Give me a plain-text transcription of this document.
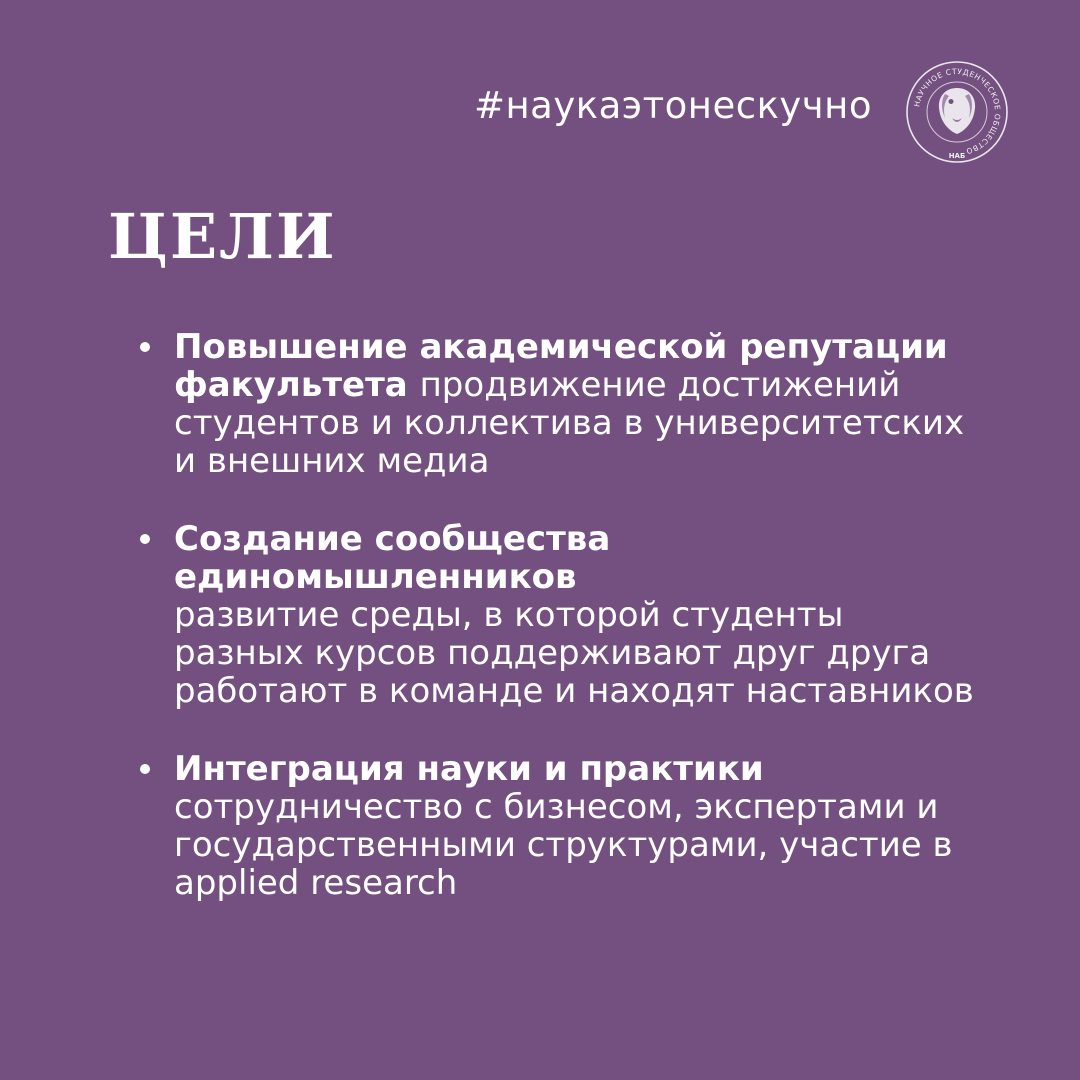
#наукаэтонескучно	НАУЧНОЕ СТУДЕНЧЕСКОЕ ОБЩЕСТВО
НАБ
ЦЕЛИ
Повышение академической репутации факультета продвижение достижений студентов и коллектива в университетских и внешних медиа
Создание сообщества единомышленников
развитие среды, в которой студенты разных курсов поддерживают друг друга работают в команде и находят наставников
Интеграция науки и практики
сотрудничество с бизнесом, экспертами и государственными структурами, участие в applied research
